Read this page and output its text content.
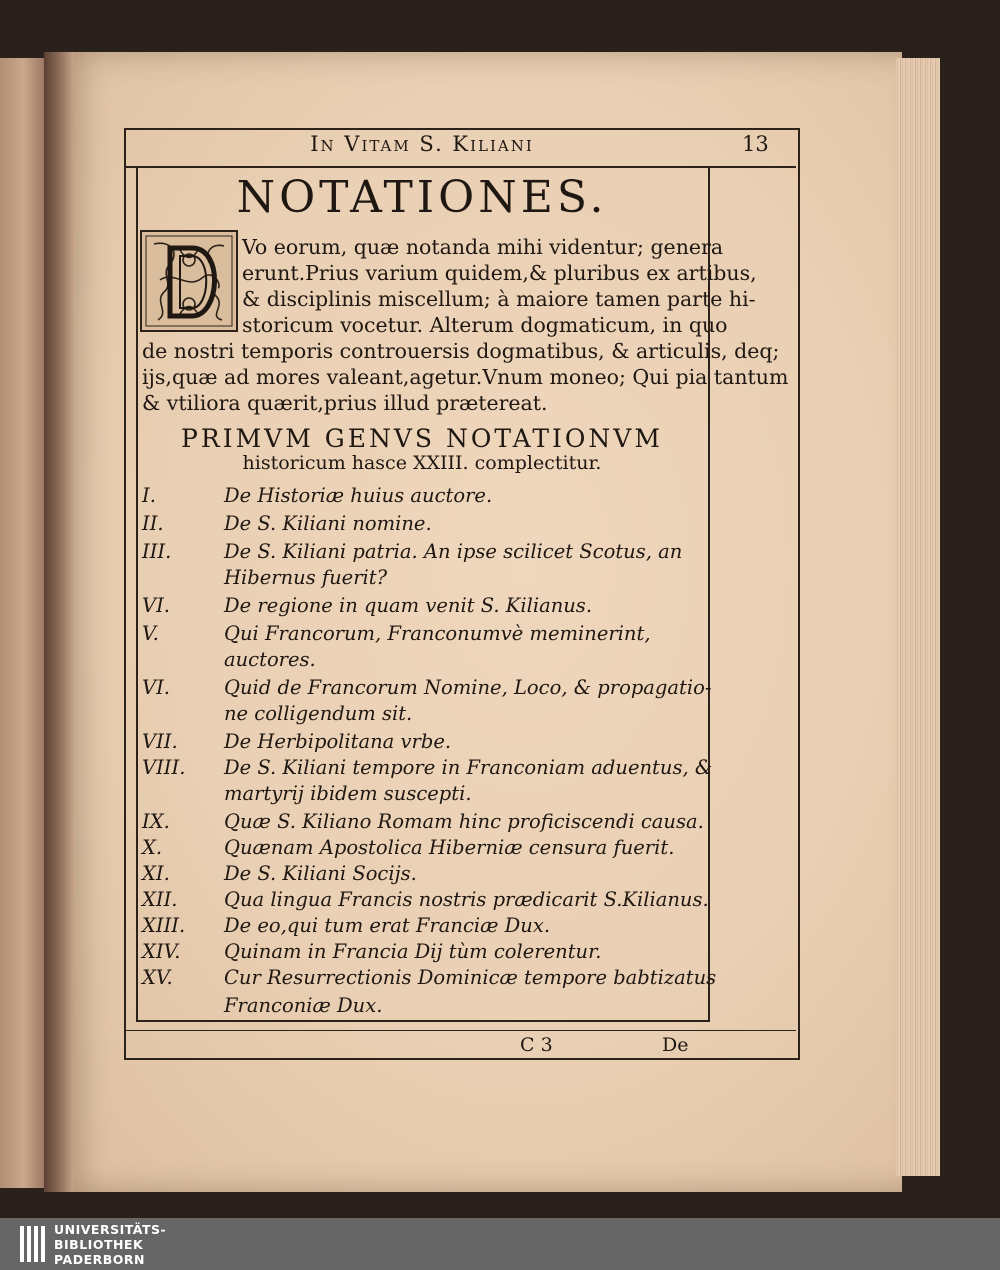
In Vitam S. Kiliani	13
NOTATIONES.
Vo eorum, quæ notanda mihi videntur; genera
erunt.Prius varium quidem,& pluribus ex artibus,
& disciplinis miscellum; à maiore tamen parte hi-
storicum vocetur. Alterum dogmaticum, in quo
de nostri temporis controuersis dogmatibus, & articulis, deq;
ijs,quæ ad mores valeant,agetur.Vnum moneo; Qui pia tantum
& vtiliora quærit,prius illud prætereat.
PRIMVM GENVS NOTATIONVM
historicum hasce XXIII. complectitur.
I.	De Historiæ huius auctore.
II.	De S. Kiliani nomine.
III.	De S. Kiliani patria. An ipse scilicet Scotus, an
Hibernus fuerit?
VI.	De regione in quam venit S. Kilianus.
V.	Qui Francorum, Franconumvè meminerint,
auctores.
VI.	Quid de Francorum Nomine, Loco, & propagatio-
ne colligendum sit.
VII. De Herbipolitana vrbe.
VIII. De S. Kiliani tempore in Franconiam aduentus, &
martyrij ibidem suscepti.
IX.	Quæ S. Kiliano Romam hinc proficiscendi causa.
X.	Quænam Apostolica Hiberniæ censura fuerit.
XI.	De S. Kiliani Socijs.
XII. Qua lingua Francis nostris prædicarit S.Kilianus.
XIII. De eo,qui tum erat Franciæ Dux.
XIV. Quinam in Francia Dij tùm colerentur.
XV.	Cur Resurrectionis Dominicæ tempore babtizatus
Franconiæ Dux.
C 3	De
UNIVERSITÄTS-
BIBLIOTHEK
PADERBORN
